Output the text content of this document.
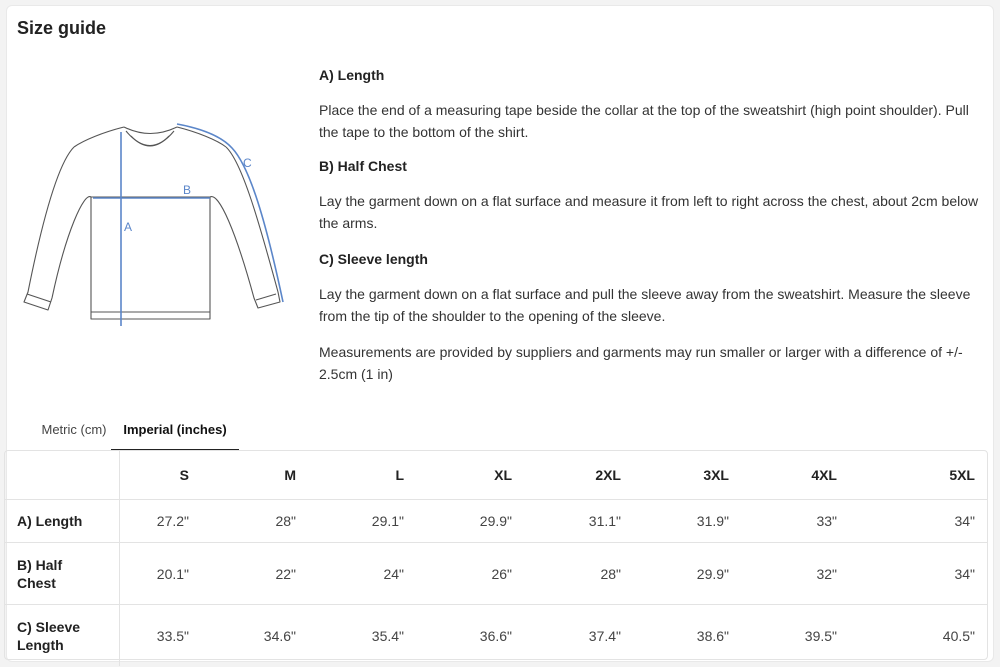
Size guide
A
B
C
A) Length
Place the end of a measuring tape beside the collar at the top of the sweatshirt (high point shoulder). Pull the tape to the bottom of the shirt.
B) Half Chest
Lay the garment down on a flat surface and measure it from left to right across the chest, about 2cm below the arms.
C) Sleeve length
Lay the garment down on a flat surface and pull the sleeve away from the sweatshirt. Measure the sleeve from the tip of the shoulder to the opening of the sleeve.
Measurements are provided by suppliers and garments may run smaller or larger with a difference of +/- 2.5cm (1 in)
Metric (cm)	Imperial (inches)
	S	M	L	XL	2XL	3XL	4XL	5XL
A) Length	27.2"	28"	29.1"	29.9"	31.1"	31.9"	33"	34"
B) Half
Chest	20.1"	22"	24"	26"	28"	29.9"	32"	34"
C) Sleeve
Length	33.5"	34.6"	35.4"	36.6"	37.4"	38.6"	39.5"	40.5"
